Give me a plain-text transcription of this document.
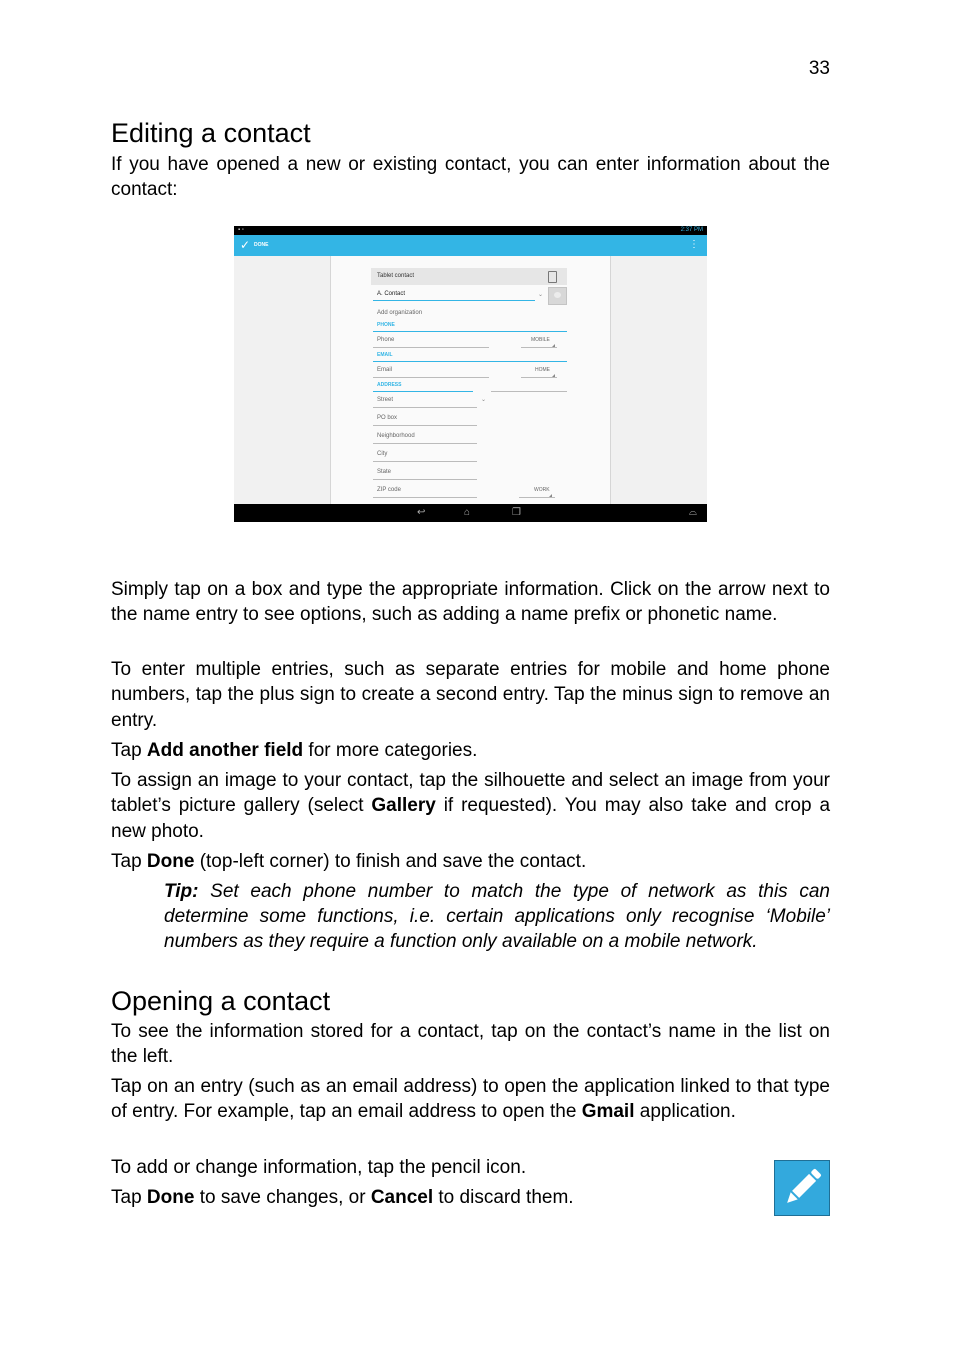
33
Editing a contact

If you have opened a new or existing contact, you can enter information about the contact:

▪ ▫	2:37 PM
✓ DONE	⋮
Tablet contact
A. Contact	⌄
Add organization
PHONE
Phone	MOBILE
EMAIL
Email	HOME
ADDRESS
Street	⌄
PO box
Neighborhood
City
State
ZIP code	WORK
↩	⌂	❐	⌓

Simply tap on a box and type the appropriate information. Click on the arrow next to the name entry to see options, such as adding a name prefix or phonetic name.

To enter multiple entries, such as separate entries for mobile and home phone numbers, tap the plus sign to create a second entry. Tap the minus sign to remove an entry.

Tap Add another field for more categories.

To assign an image to your contact, tap the silhouette and select an image from your tablet’s picture gallery (select Gallery if requested). You may also take and crop a new photo.

Tap Done (top-left corner) to finish and save the contact.

Tip: Set each phone number to match the type of network as this can determine some functions, i.e. certain applications only recognise ‘Mobile’ numbers as they require a function only available on a mobile network.

Opening a contact

To see the information stored for a contact, tap on the contact’s name in the list on the left.

Tap on an entry (such as an email address) to open the application linked to that type of entry. For example, tap an email address to open the Gmail application.

To add or change information, tap the pencil icon.

Tap Done to save changes, or Cancel to discard them.
